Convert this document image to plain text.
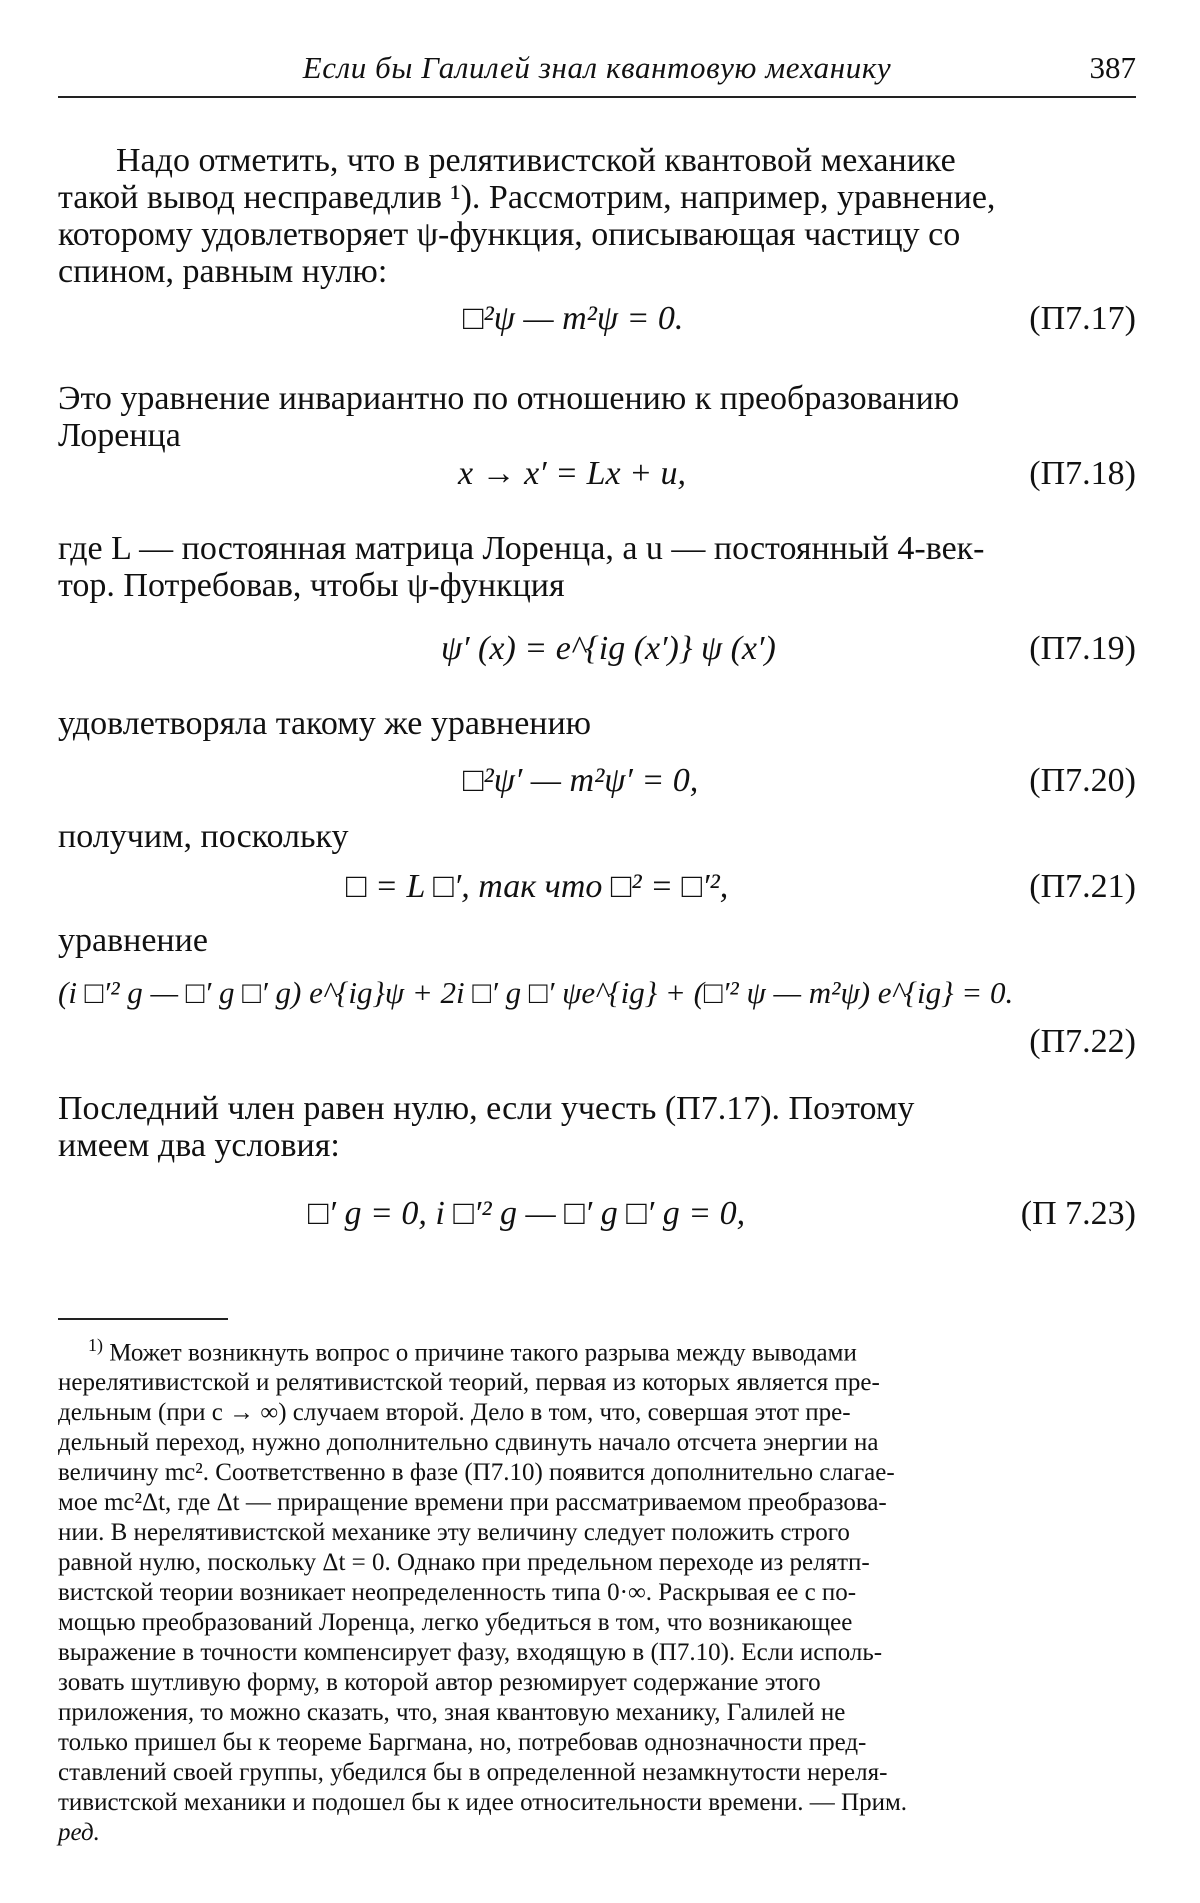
Если бы Галилей знал квантовую механику	387

Надо отметить, что в релятивистской квантовой механике
такой вывод несправедлив ¹). Рассмотрим, например, уравнение,
которому удовлетворяет ψ-функция, описывающая частицу со
спином, равным нулю:

□²ψ — m²ψ = 0.	(П7.17)

Это уравнение инвариантно по отношению к преобразованию
Лоренца

x → x′ = Lx + u,	(П7.18)

где L — постоянная матрица Лоренца, а u — постоянный 4-век-
тор. Потребовав, чтобы ψ-функция

ψ′ (x) = e^{ig (x′)} ψ (x′)	(П7.19)

удовлетворяла такому же уравнению

□²ψ′ — m²ψ′ = 0,	(П7.20)

получим, поскольку

□ = L □′, так что □² = □′²,	(П7.21)

уравнение

(i □′² g — □′ g □′ g) e^{ig}ψ + 2i □′ g □′ ψe^{ig} + (□′² ψ — m²ψ) e^{ig} = 0.
(П7.22)

Последний член равен нулю, если учесть (П7.17). Поэтому
имеем два условия:

□′ g = 0, i □′² g — □′ g □′ g = 0,	(П 7.23)
$^{1)}$ Может возникнуть вопрос о причине такого разрыва между выводами
нерелятивистской и релятивистской теорий, первая из которых является пре-
дельным (при c → ∞) случаем второй. Дело в том, что, совершая этот пре-
дельный переход, нужно дополнительно сдвинуть начало отсчета энергии на
величину mc². Соответственно в фазе (П7.10) появится дополнительно слагае-
мое mc²Δt, где Δt — приращение времени при рассматриваемом преобразова-
нии. В нерелятивистской механике эту величину следует положить строго
равной нулю, поскольку Δt = 0. Однако при предельном переходе из релятп-
вистской теории возникает неопределенность типа 0·∞. Раскрывая ее с по-
мощью преобразований Лоренца, легко убедиться в том, что возникающее
выражение в точности компенсирует фазу, входящую в (П7.10). Если исполь-
зовать шутливую форму, в которой автор резюмирует содержание этого
приложения, то можно сказать, что, зная квантовую механику, Галилей не
только пришел бы к теореме Баргмана, но, потребовав однозначности пред-
ставлений своей группы, убедился бы в определенной незамкнутости нереля-
тивистской механики и подошел бы к идее относительности времени. — Прим.
ред.
